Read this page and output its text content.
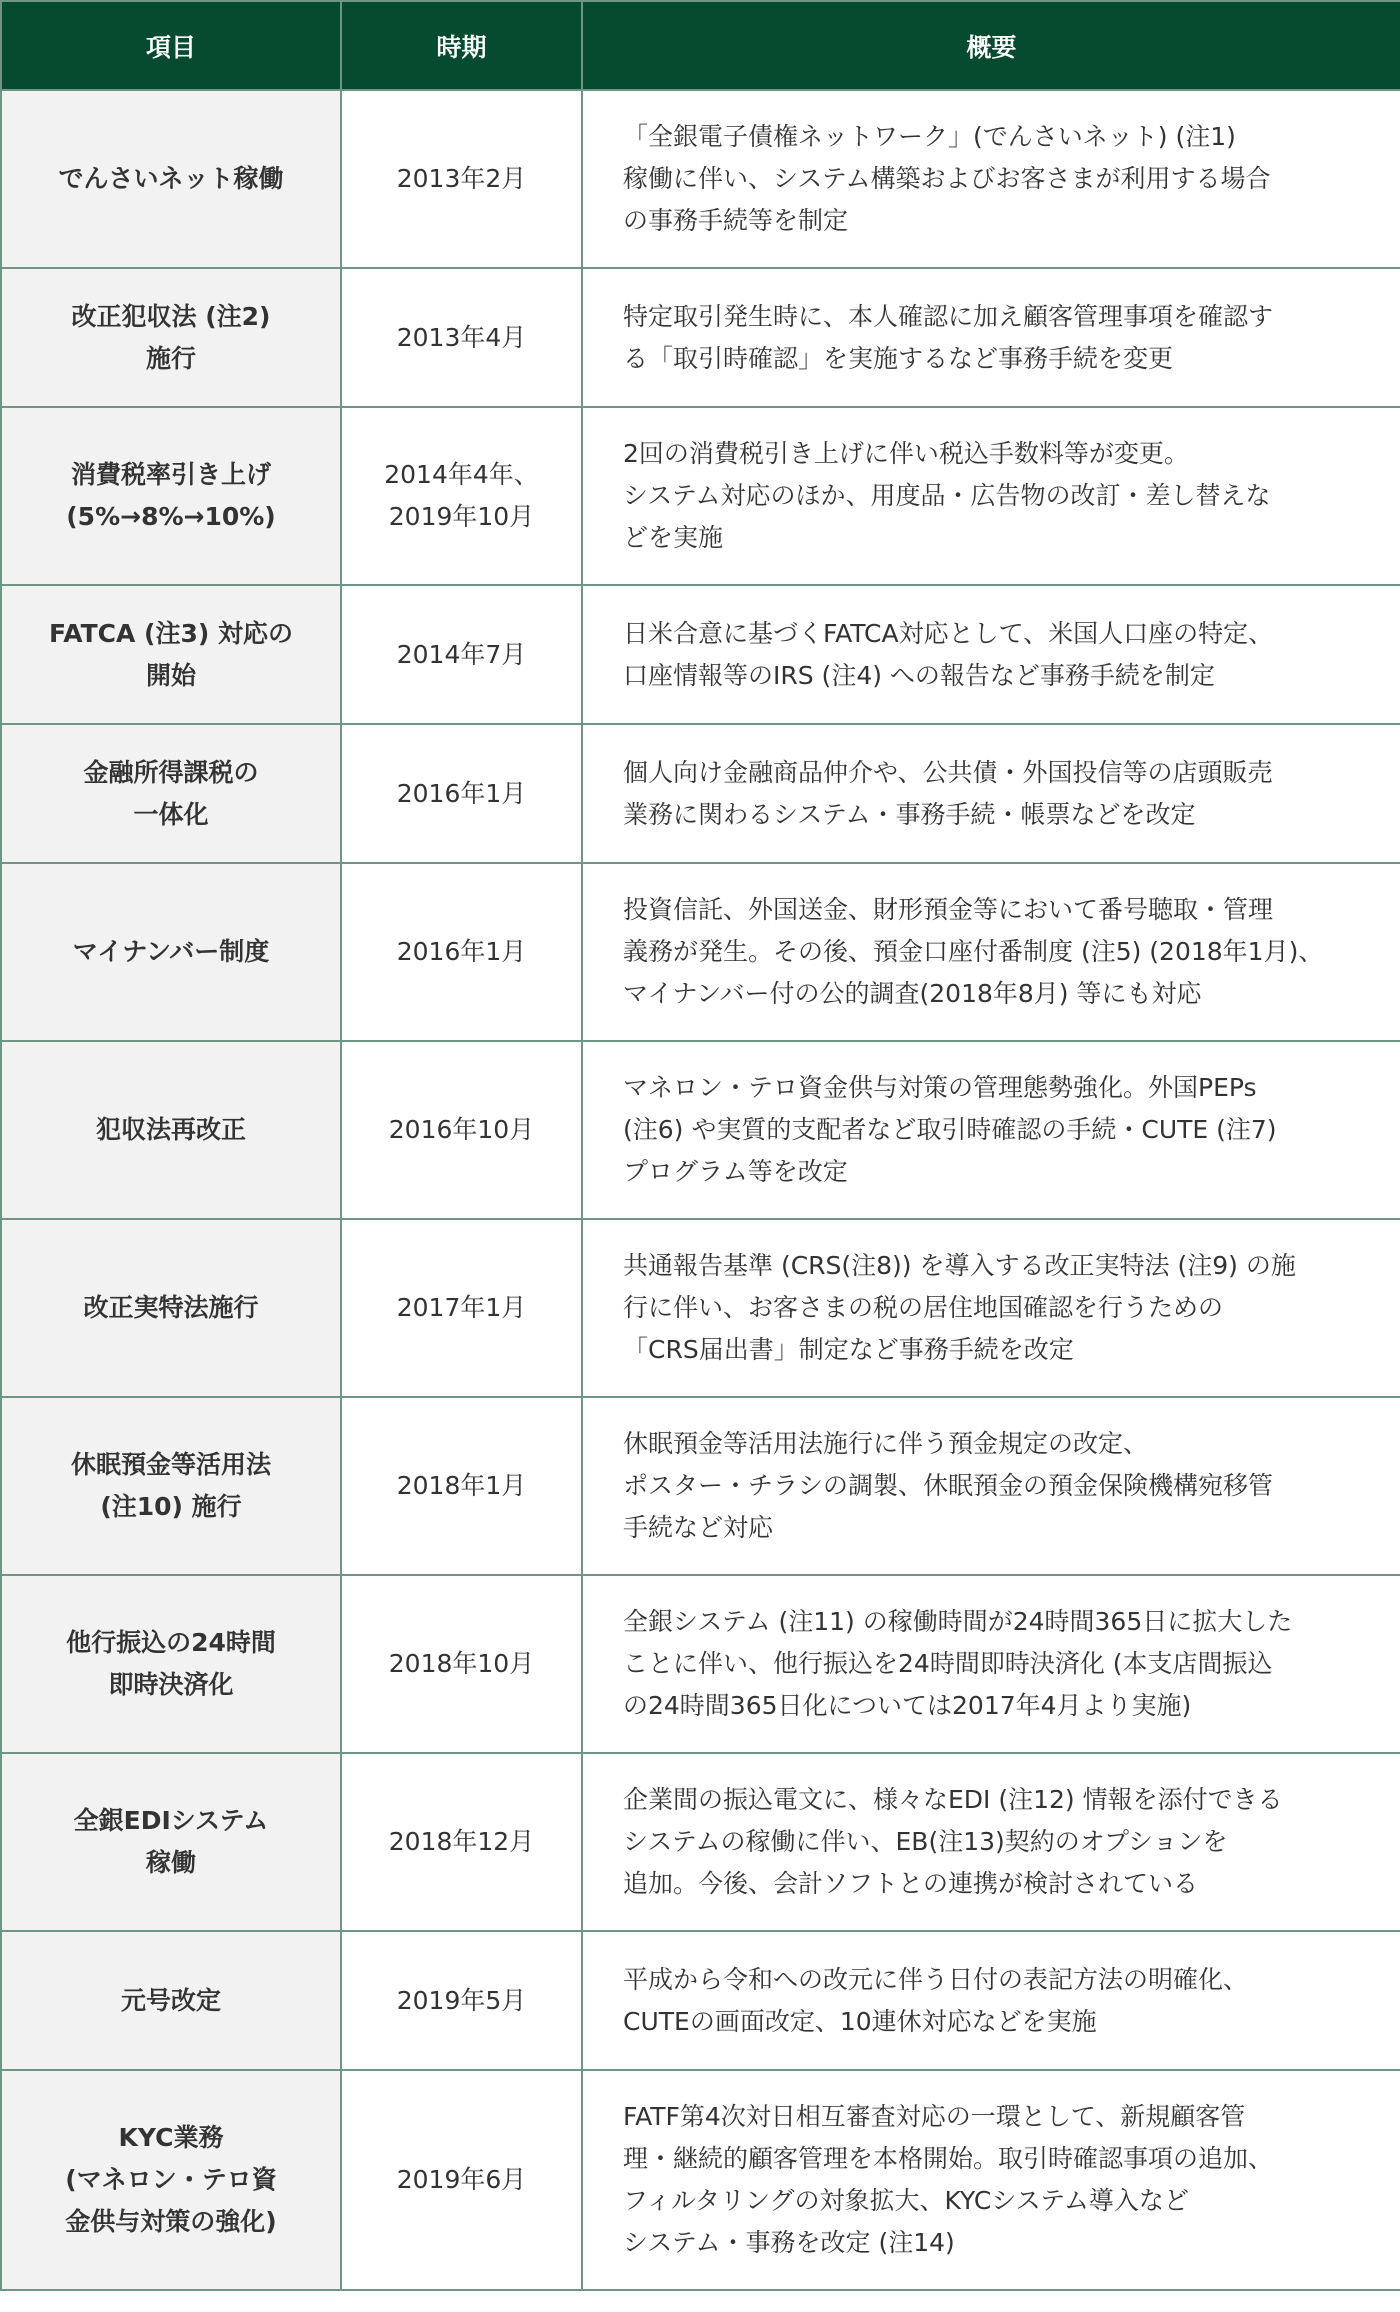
項目	時期	概要
でんさいネット稼働	2013年2月	「全銀電子債権ネットワーク」(でんさいネット) (注1)
稼働に伴い、システム構築およびお客さまが利用する場合
の事務手続等を制定

改正犯収法 (注2)
施行	2013年4月	特定取引発生時に、本人確認に加え顧客管理事項を確認す
る「取引時確認」を実施するなど事務手続を変更

消費税率引き上げ
(5%→8%→10%)	2014年4年、
2019年10月	2回の消費税引き上げに伴い税込手数料等が変更。
システム対応のほか、用度品・広告物の改訂・差し替えな
どを実施

FATCA (注3) 対応の
開始	2014年7月	日米合意に基づくFATCA対応として、米国人口座の特定、
口座情報等のIRS (注4) への報告など事務手続を制定

金融所得課税の
一体化	2016年1月	個人向け金融商品仲介や、公共債・外国投信等の店頭販売
業務に関わるシステム・事務手続・帳票などを改定

マイナンバー制度	2016年1月	投資信託、外国送金、財形預金等において番号聴取・管理
義務が発生。その後、預金口座付番制度 (注5) (2018年1月)、
マイナンバー付の公的調査(2018年8月) 等にも対応

犯収法再改正	2016年10月	マネロン・テロ資金供与対策の管理態勢強化。外国PEPs
(注6) や実質的支配者など取引時確認の手続・CUTE (注7)
プログラム等を改定

改正実特法施行	2017年1月	共通報告基準 (CRS(注8)) を導入する改正実特法 (注9) の施
行に伴い、お客さまの税の居住地国確認を行うための
「CRS届出書」制定など事務手続を改定

休眠預金等活用法
(注10) 施行	2018年1月	休眠預金等活用法施行に伴う預金規定の改定、
ポスター・チラシの調製、休眠預金の預金保険機構宛移管
手続など対応

他行振込の24時間
即時決済化	2018年10月	全銀システム (注11) の稼働時間が24時間365日に拡大した
ことに伴い、他行振込を24時間即時決済化 (本支店間振込
の24時間365日化については2017年4月より実施)

全銀EDIシステム
稼働	2018年12月	企業間の振込電文に、様々なEDI (注12) 情報を添付できる
システムの稼働に伴い、EB(注13)契約のオプションを
追加。今後、会計ソフトとの連携が検討されている

元号改定	2019年5月	平成から令和への改元に伴う日付の表記方法の明確化、
CUTEの画面改定、10連休対応などを実施

KYC業務
(マネロン・テロ資
金供与対策の強化)	2019年6月	FATF第4次対日相互審査対応の一環として、新規顧客管
理・継続的顧客管理を本格開始。取引時確認事項の追加、
フィルタリングの対象拡大、KYCシステム導入など
システム・事務を改定 (注14)
